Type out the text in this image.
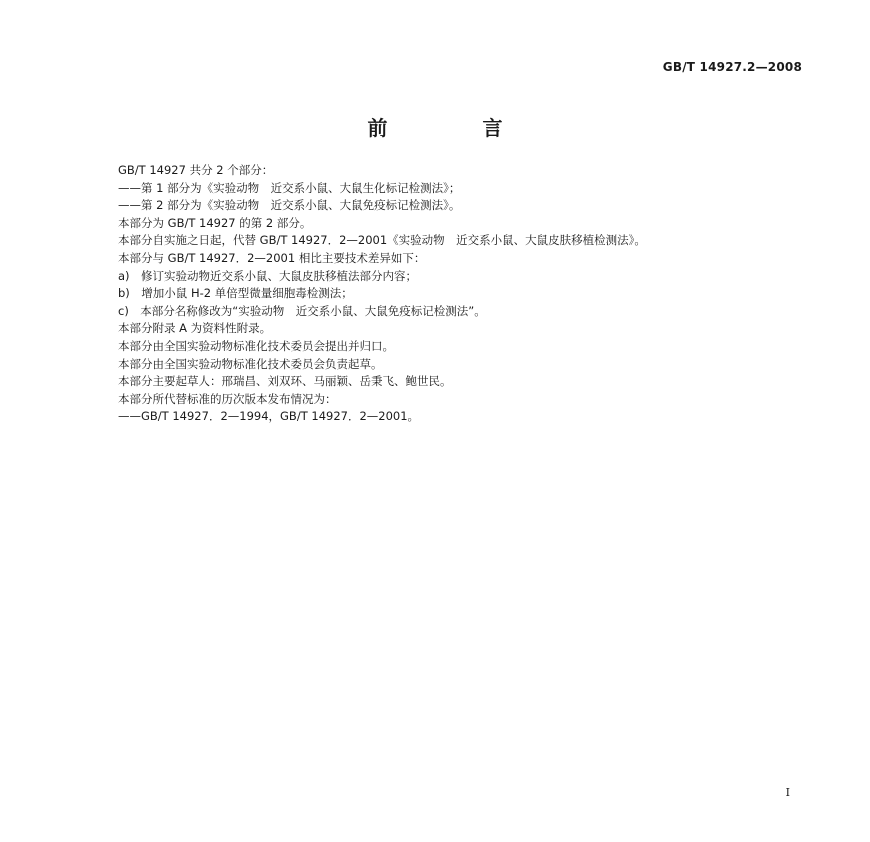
GB/T 14927.2—2008
前 言

GB/T 14927 共分 2 个部分：

——第 1 部分为《实验动物　近交系小鼠、大鼠生化标记检测法》；

——第 2 部分为《实验动物　近交系小鼠、大鼠免疫标记检测法》。

本部分为 GB/T 14927 的第 2 部分。

本部分自实施之日起，代替 GB/T 14927．2—2001《实验动物　近交系小鼠、大鼠皮肤移植检测法》。

本部分与 GB/T 14927．2—2001 相比主要技术差异如下：

a)　修订实验动物近交系小鼠、大鼠皮肤移植法部分内容；

b)　增加小鼠 H-2 单倍型微量细胞毒检测法；

c)　本部分名称修改为“实验动物　近交系小鼠、大鼠免疫标记检测法”。

本部分附录 A 为资料性附录。

本部分由全国实验动物标准化技术委员会提出并归口。

本部分由全国实验动物标准化技术委员会负责起草。

本部分主要起草人：邢瑞昌、刘双环、马丽颖、岳秉飞、鲍世民。

本部分所代替标准的历次版本发布情况为：

——GB/T 14927．2—1994，GB/T 14927．2—2001。

I
